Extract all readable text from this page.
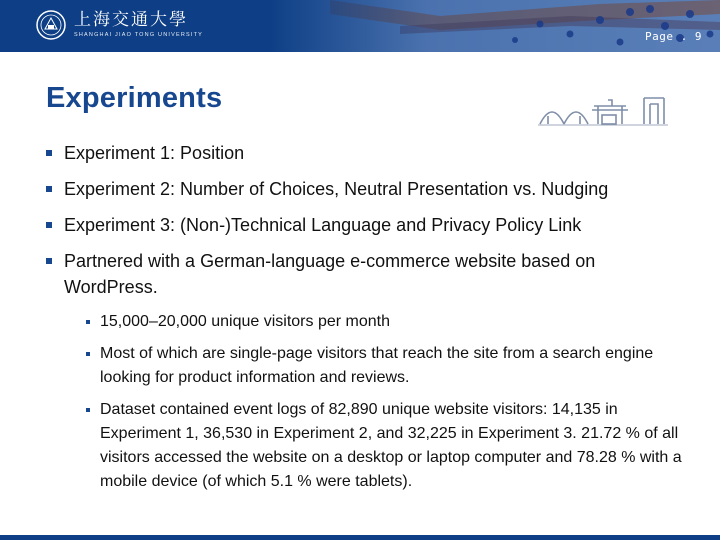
上海交通大學
SHANGHAI JIAO TONG UNIVERSITY	Page . 9
Experiments
Experiment 1: Position
Experiment 2: Number of Choices, Neutral Presentation vs. Nudging
Experiment 3: (Non-)Technical Language and Privacy Policy Link
Partnered with a German-language e-commerce website based on WordPress.
15,000–20,000 unique visitors per month
Most of which are single-page visitors that reach the site from a search engine looking for product information and reviews.
Dataset contained event logs of 82,890 unique website visitors: 14,135 in Experiment 1, 36,530 in Experiment 2, and 32,225 in Experiment 3. 21.72 % of all visitors accessed the website on a desktop or laptop computer and 78.28 % with a mobile device (of which 5.1 % were tablets).
